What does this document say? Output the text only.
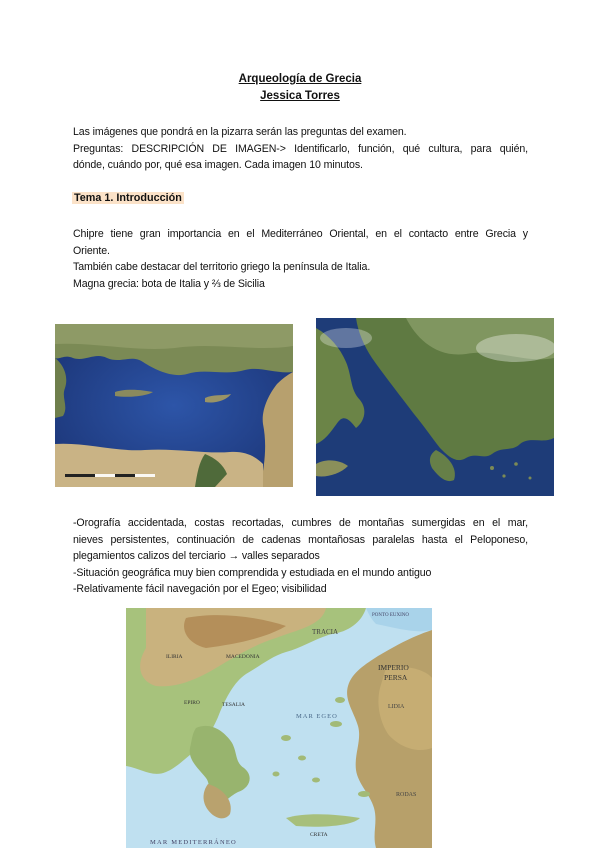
Arqueología de Grecia
Jessica Torres
Las imágenes que pondrá en la pizarra serán las preguntas del examen.
Preguntas: DESCRIPCIÓN DE IMAGEN-> Identificarlo, función, qué cultura, para quién,
dónde, cuándo por, qué esa imagen. Cada imagen 10 minutos.
Tema 1. Introducción
Chipre tiene gran importancia en el Mediterráneo Oriental, en el contacto entre Grecia y
Oriente.
También cabe destacar del territorio griego la península de Italia.
Magna grecia: bota de Italia y ⅔ de Sicilia
-Orografía accidentada, costas recortadas, cumbres de montañas sumergidas en el mar,
nieves persistentes, continuación de cadenas montañosas paralelas hasta el Peloponeso,
plegamientos calizos del terciario → valles separados
-Situación geográfica muy bien comprendida y estudiada en el mundo antiguo
-Relativamente fácil navegación por el Egeo; visibilidad
TRACIA
IMPERIO
PERSA
LIDIA
RODAS
MAR MEDITERRÁNEO
PONTO EUXINO
ILIRIA	MACEDONIA
TESALIA
EPIRO
CRETA
MAR EGEO
